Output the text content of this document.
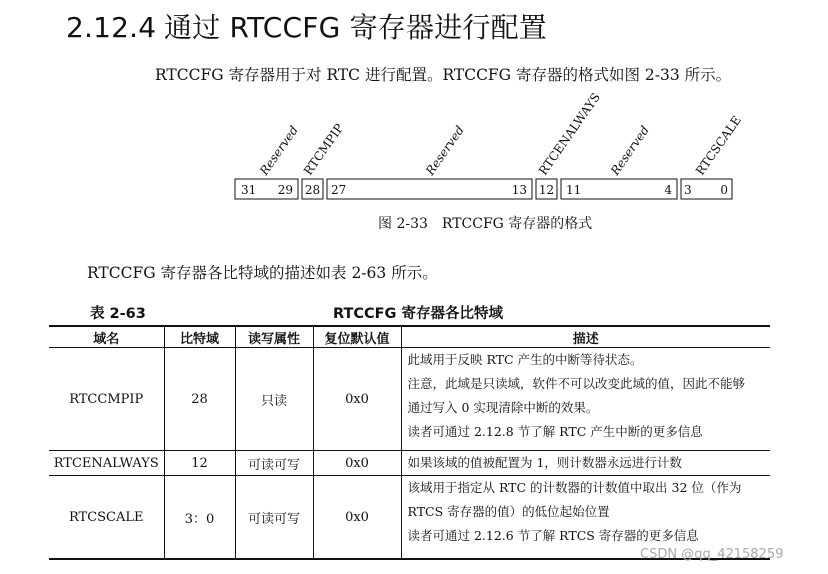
2.12.4 通过 RTCCFG 寄存器进行配置

RTCCFG 寄存器用于对 RTC 进行配置。RTCCFG 寄存器的格式如图 2-33 所示。

31 29 28 27	13 12 11	4 3 0
Reserved RTCMPIP	Reserved	RTCENALWAYS Reserved	RTCSCALE

图 2-33 RTCCFG 寄存器的格式

RTCCFG 寄存器各比特域的描述如表 2-63 所示。

表 2-63	RTCCFG 寄存器各比特域

域名	比特域	读写属性	复位默认值	描述
RTCCMPIP	28	只读	0x0	此域用于反映 RTC 产生的中断等待状态。
注意，此域是只读域，软件不可以改变此域的值，因此不能够
通过写入 0 实现清除中断的效果。
读者可通过 2.12.8 节了解 RTC 产生中断的更多信息

RTCENALWAYS	12	可读可写	0x0	如果该域的值被配置为 1，则计数器永远进行计数

RTCSCALE	3：0	可读可写	0x0	该域用于指定从 RTC 的计数器的计数值中取出 32 位（作为
RTCS 寄存器的值）的低位起始位置
读者可通过 2.12.6 节了解 RTCS 寄存器的更多信息
CSDN @qq_42158259
